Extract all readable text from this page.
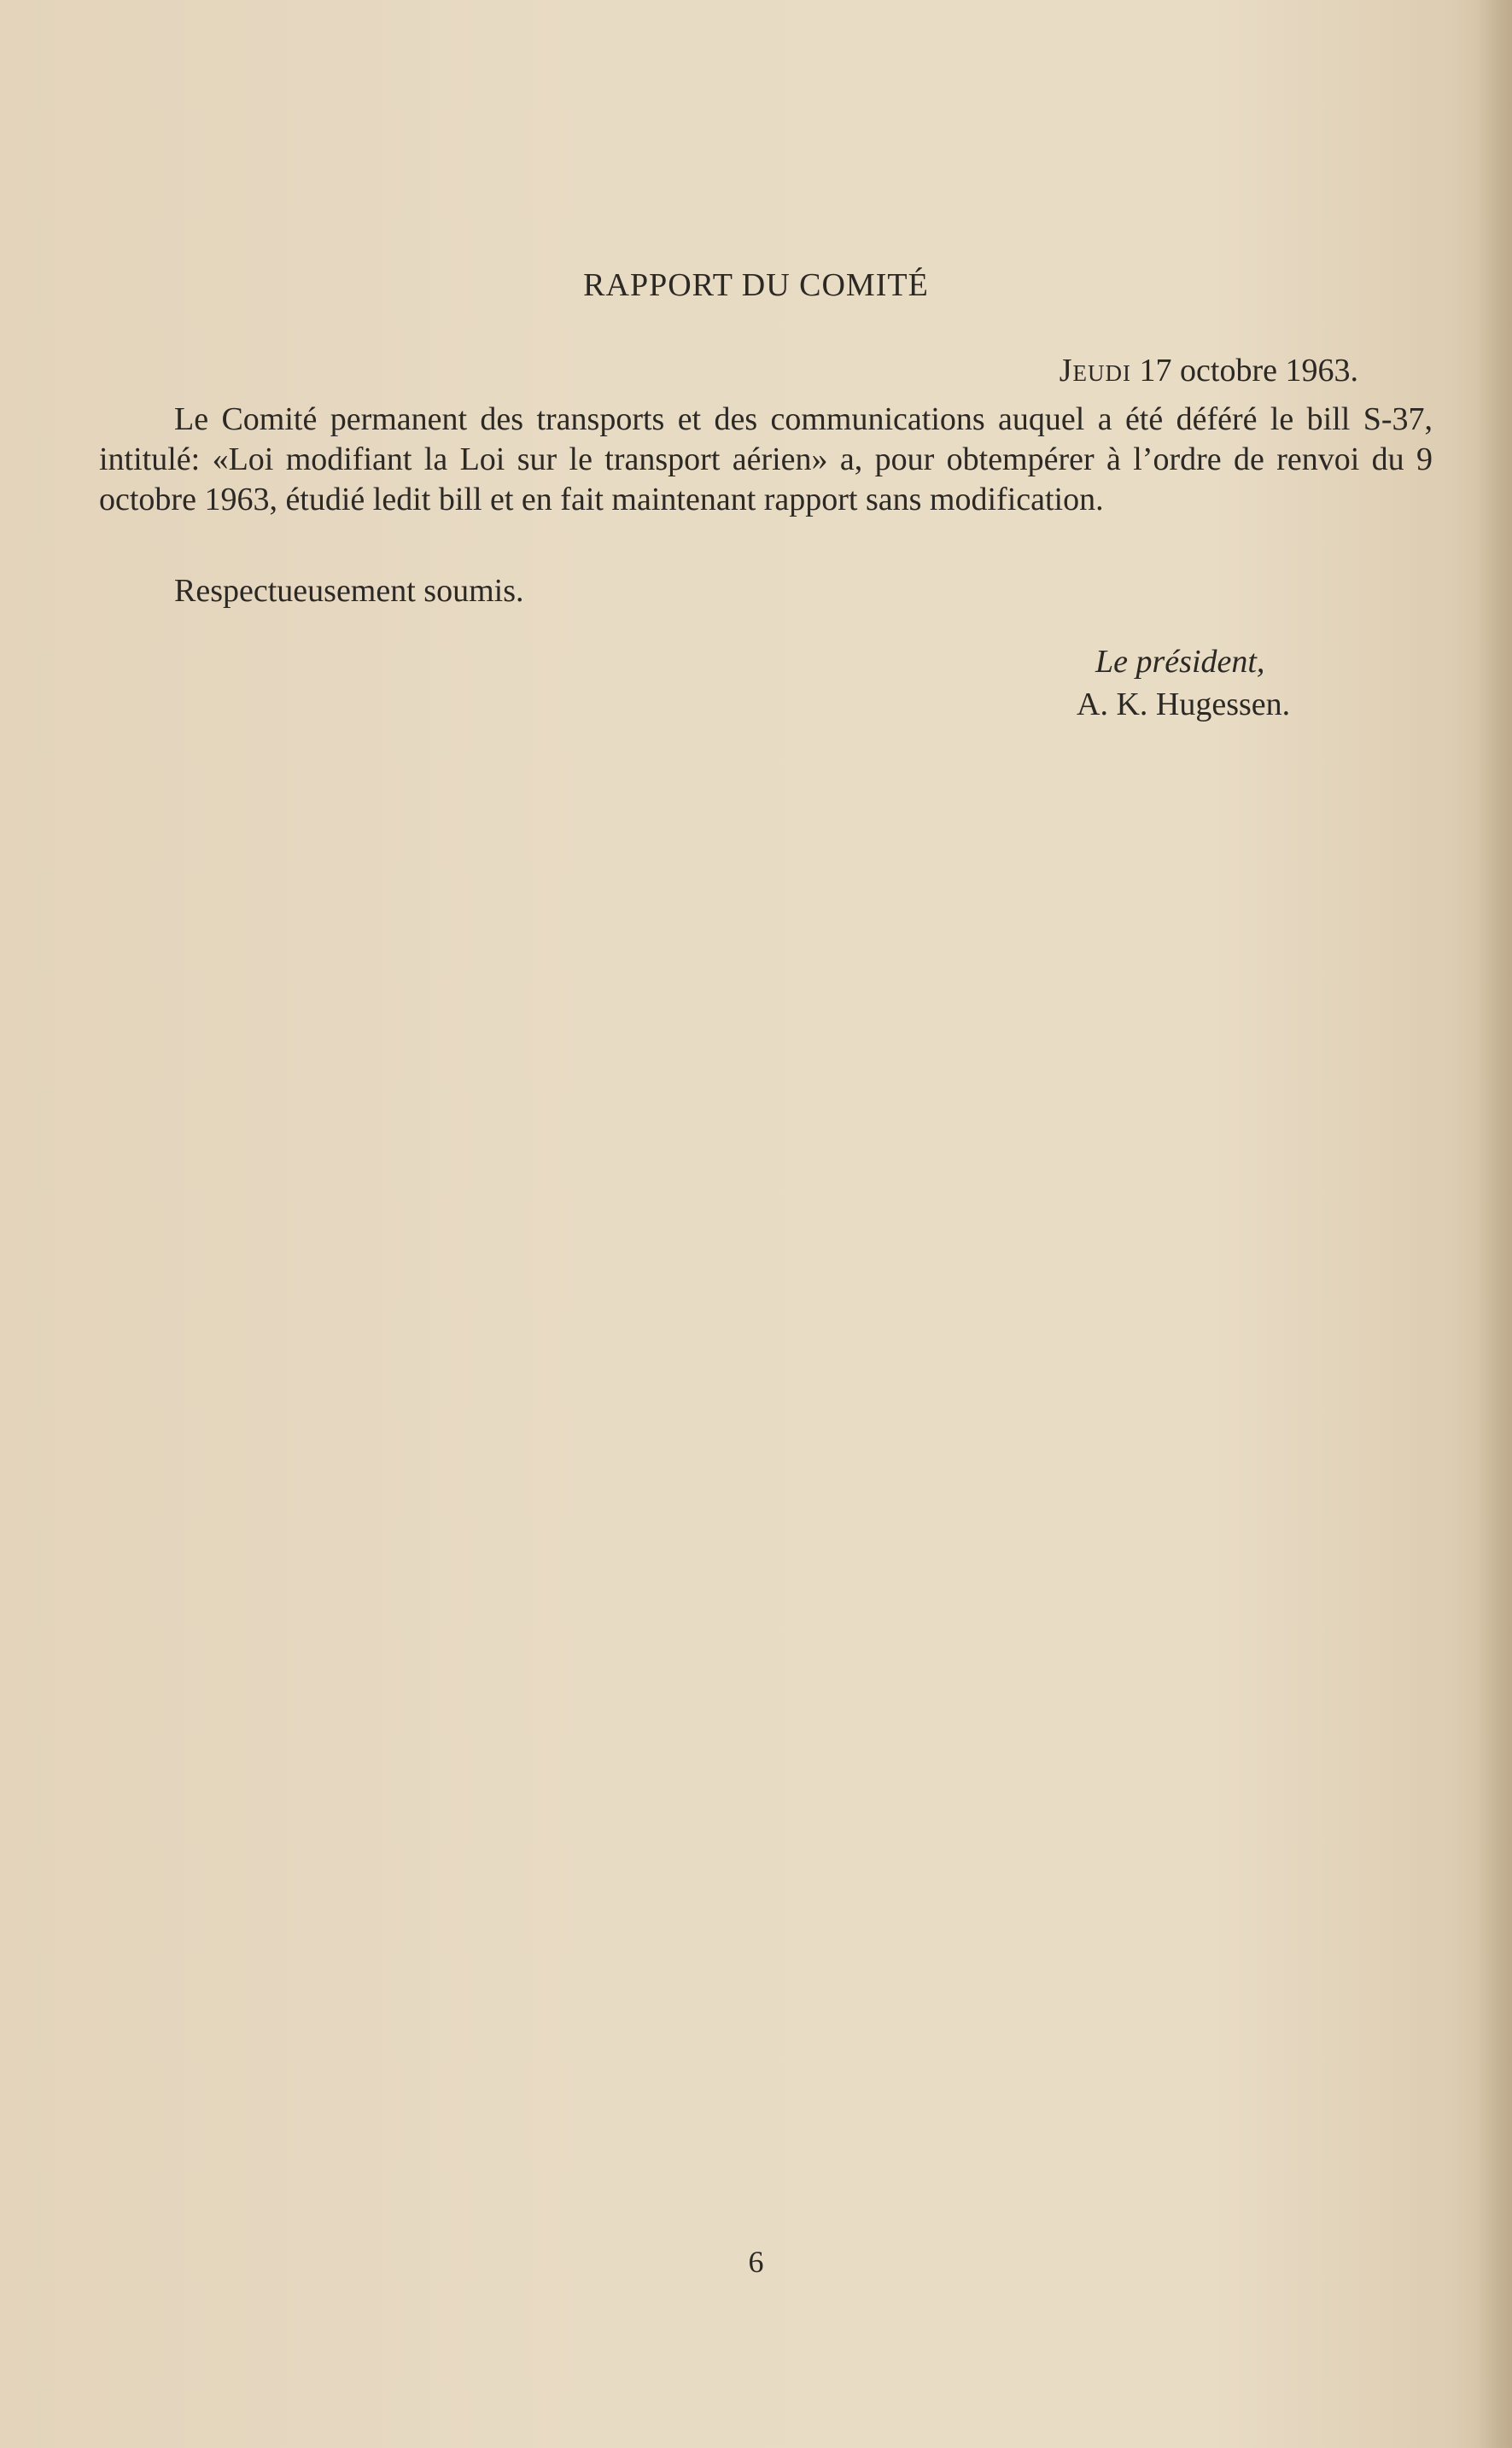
RAPPORT DU COMITÉ
Jeudi 17 octobre 1963.

Le Comité permanent des transports et des communications auquel a été déféré le bill S-37, intitulé: «Loi modifiant la Loi sur le transport aérien» a, pour obtempérer à l’ordre de renvoi du 9 octobre 1963, étudié ledit bill et en fait maintenant rapport sans modification.

Respectueusement soumis.

Le président,
A. K. Hugessen.
6
